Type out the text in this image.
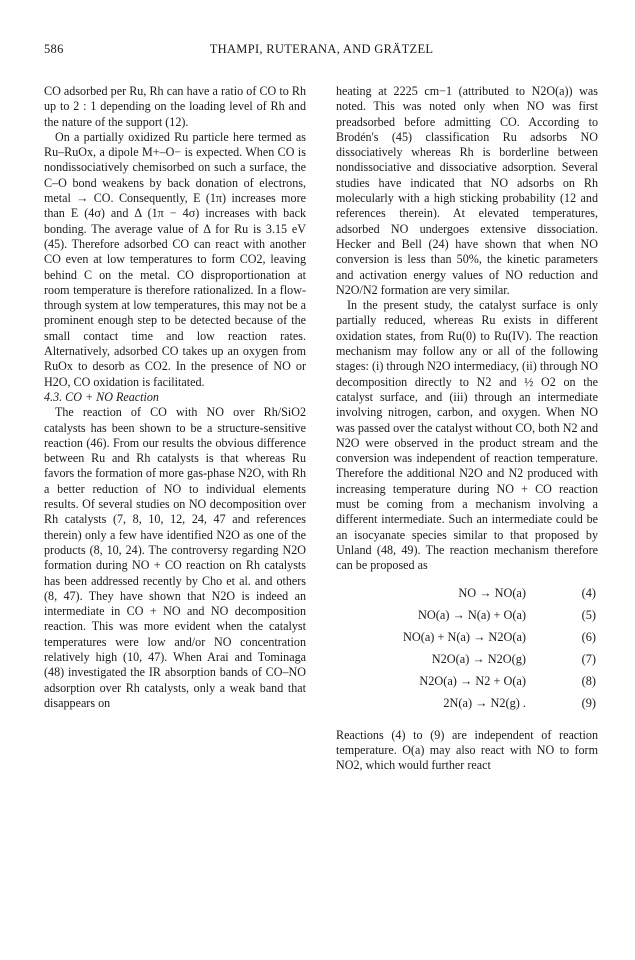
586	THAMPI, RUTERANA, AND GRÄTZEL

CO adsorbed per Ru, Rh can have a ratio of CO to Rh up to 2 : 1 depending on the loading level of Rh and the nature of the support (12).

On a partially oxidized Ru particle here termed as Ru–RuOx, a dipole M+–O− is expected. When CO is nondissociatively chemisorbed on such a surface, the C–O bond weakens by back donation of electrons, metal → CO. Consequently, E (1π) increases more than E (4σ) and Δ (1π − 4σ) increases with back bonding. The average value of Δ for Ru is 3.15 eV (45). Therefore adsorbed CO can react with another CO even at low temperatures to form CO2, leaving behind C on the metal. CO disproportionation at room temperature is therefore rationalized. In a flow-through system at low temperatures, this may not be a prominent enough step to be detected because of the small contact time and low reaction rates. Alternatively, adsorbed CO takes up an oxygen from RuOx to desorb as CO2. In the presence of NO or H2O, CO oxidation is facilitated.

4.3. CO + NO Reaction

The reaction of CO with NO over Rh/SiO2 catalysts has been shown to be a structure-sensitive reaction (46). From our results the obvious difference between Ru and Rh catalysts is that whereas Ru favors the formation of more gas-phase N2O, with Rh a better reduction of NO to individual elements results. Of several studies on NO decomposition over Rh catalysts (7, 8, 10, 12, 24, 47 and references therein) only a few have identified N2O as one of the products (8, 10, 24). The controversy regarding N2O formation during NO + CO reaction on Rh catalysts has been addressed recently by Cho et al. and others (8, 47). They have shown that N2O is indeed an intermediate in CO + NO and NO decomposition reaction. This was more evident when the catalyst temperatures were low and/or NO concentration relatively high (10, 47). When Arai and Tominaga (48) investigated the IR absorption bands of CO–NO adsorption over Rh catalysts, only a weak band that disappears on

heating at 2225 cm−1 (attributed to N2O(a)) was noted. This was noted only when NO was first preadsorbed before admitting CO. According to Brodén's (45) classification Ru adsorbs NO dissociatively whereas Rh is borderline between nondissociative and dissociative adsorption. Several studies have indicated that NO adsorbs on Rh molecularly with a high sticking probability (12 and references therein). At elevated temperatures, adsorbed NO undergoes extensive dissociation. Hecker and Bell (24) have shown that when NO conversion is less than 50%, the kinetic parameters and activation energy values of NO reduction and N2O/N2 formation are very similar.

In the present study, the catalyst surface is only partially reduced, whereas Ru exists in different oxidation states, from Ru(0) to Ru(IV). The reaction mechanism may follow any or all of the following stages: (i) through N2O intermediacy, (ii) through NO decomposition directly to N2 and ½ O2 on the catalyst surface, and (iii) through an intermediate involving nitrogen, carbon, and oxygen. When NO was passed over the catalyst without CO, both N2 and N2O were observed in the product stream and the conversion was independent of reaction temperature. Therefore the additional N2O and N2 produced with increasing temperature during NO + CO reaction must be coming from a mechanism involving a different intermediate. Such an intermediate could be an isocyanate species similar to that proposed by Unland (48, 49). The reaction mechanism therefore can be proposed as

NO → NO(a)	(4)
NO(a) → N(a) + O(a)	(5)
NO(a) + N(a) → N2O(a)	(6)
N2O(a) → N2O(g)	(7)
N2O(a) → N2 + O(a)	(8)
2N(a) → N2(g) .	(9)

Reactions (4) to (9) are independent of reaction temperature. O(a) may also react with NO to form NO2, which would further react
